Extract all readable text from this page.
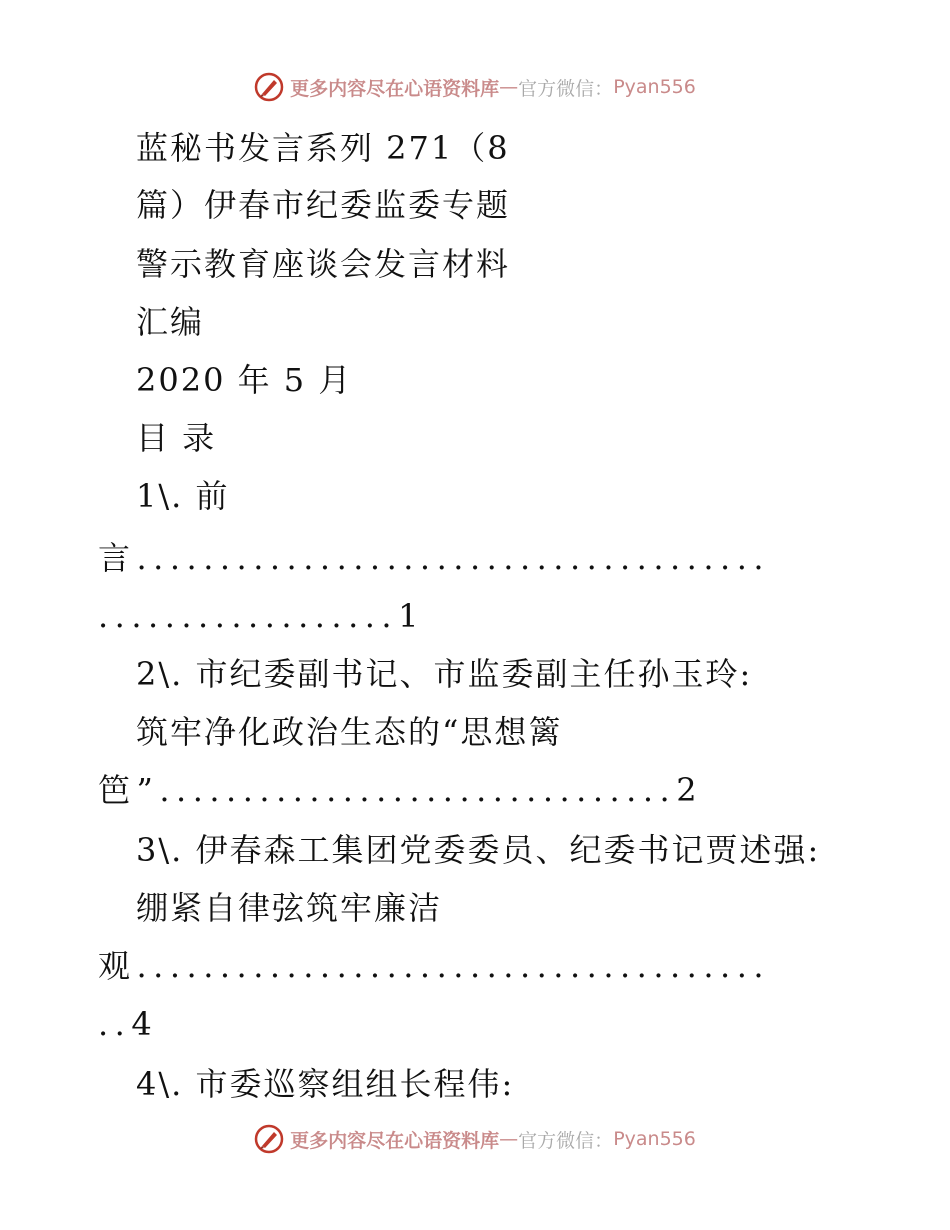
更多内容尽在心语资料库 — 官方微信： Pyan556
蓝秘书发言系列 271（8
篇）伊春市纪委监委专题
警示教育座谈会发言材料
汇编
2020 年 5 月
目 录
1\. 前
言......................................
..................1
2\. 市纪委副书记、市监委副主任孙玉玲:
筑牢净化政治生态的“思想篱
笆”...............................2
3\. 伊春森工集团党委委员、纪委书记贾述强:
绷紧自律弦筑牢廉洁
观......................................
..4
4\. 市委巡察组组长程伟:
更多内容尽在心语资料库 — 官方微信： Pyan556
